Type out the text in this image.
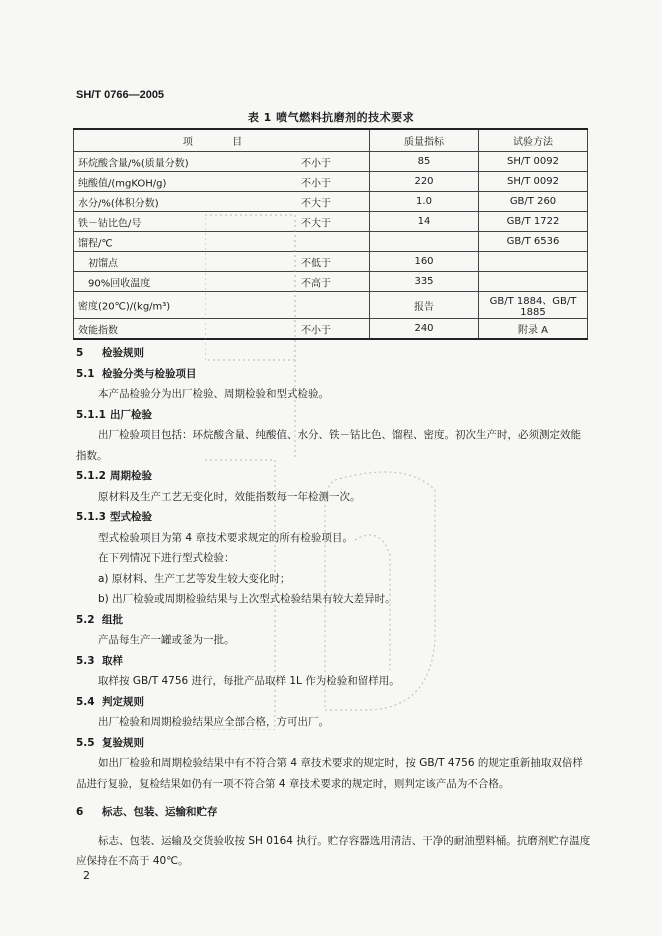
SH/T 0766—2005
表 1 喷气燃料抗磨剂的技术要求
项 目	质量指标	试验方法

环烷酸含量/%(质量分数) 不小于	85	SH/T 0092

纯酸值/(mgKOH/g) 不小于	220	SH/T 0092

水分/%(体积分数) 不大于	1.0	GB/T 260

铁－钴比色/号 不大于	14	GB/T 1722

馏程/℃		GB/T 6536

初馏点 不低于	160	

90%回收温度 不高于	335	

密度(20℃)/(kg/m³)	报告	GB/T 1884、GB/T 1885

效能指数 不小于	240	附录 A
5 检验规则
5.1 检验分类与检验项目
本产品检验分为出厂检验、周期检验和型式检验。
5.1.1 出厂检验
出厂检验项目包括：环烷酸含量、纯酸值、水分、铁－钴比色、馏程、密度。初次生产时，必须测定效能指数。
5.1.2 周期检验
原材料及生产工艺无变化时，效能指数每一年检测一次。
5.1.3 型式检验
型式检验项目为第 4 章技术要求规定的所有检验项目。
在下列情况下进行型式检验：
a) 原材料、生产工艺等发生较大变化时；
b) 出厂检验或周期检验结果与上次型式检验结果有较大差异时。
5.2 组批
产品每生产一罐或釜为一批。
5.3 取样
取样按 GB/T 4756 进行，每批产品取样 1L 作为检验和留样用。
5.4 判定规则
出厂检验和周期检验结果应全部合格，方可出厂。
5.5 复验规则
如出厂检验和周期检验结果中有不符合第 4 章技术要求的规定时，按 GB/T 4756 的规定重新抽取双倍样品进行复验，复检结果如仍有一项不符合第 4 章技术要求的规定时，则判定该产品为不合格。
6 标志、包装、运输和贮存
标志、包装、运输及交货验收按 SH 0164 执行。贮存容器选用清洁、干净的耐油塑料桶。抗磨剂贮存温度应保持在不高于 40℃。
2
